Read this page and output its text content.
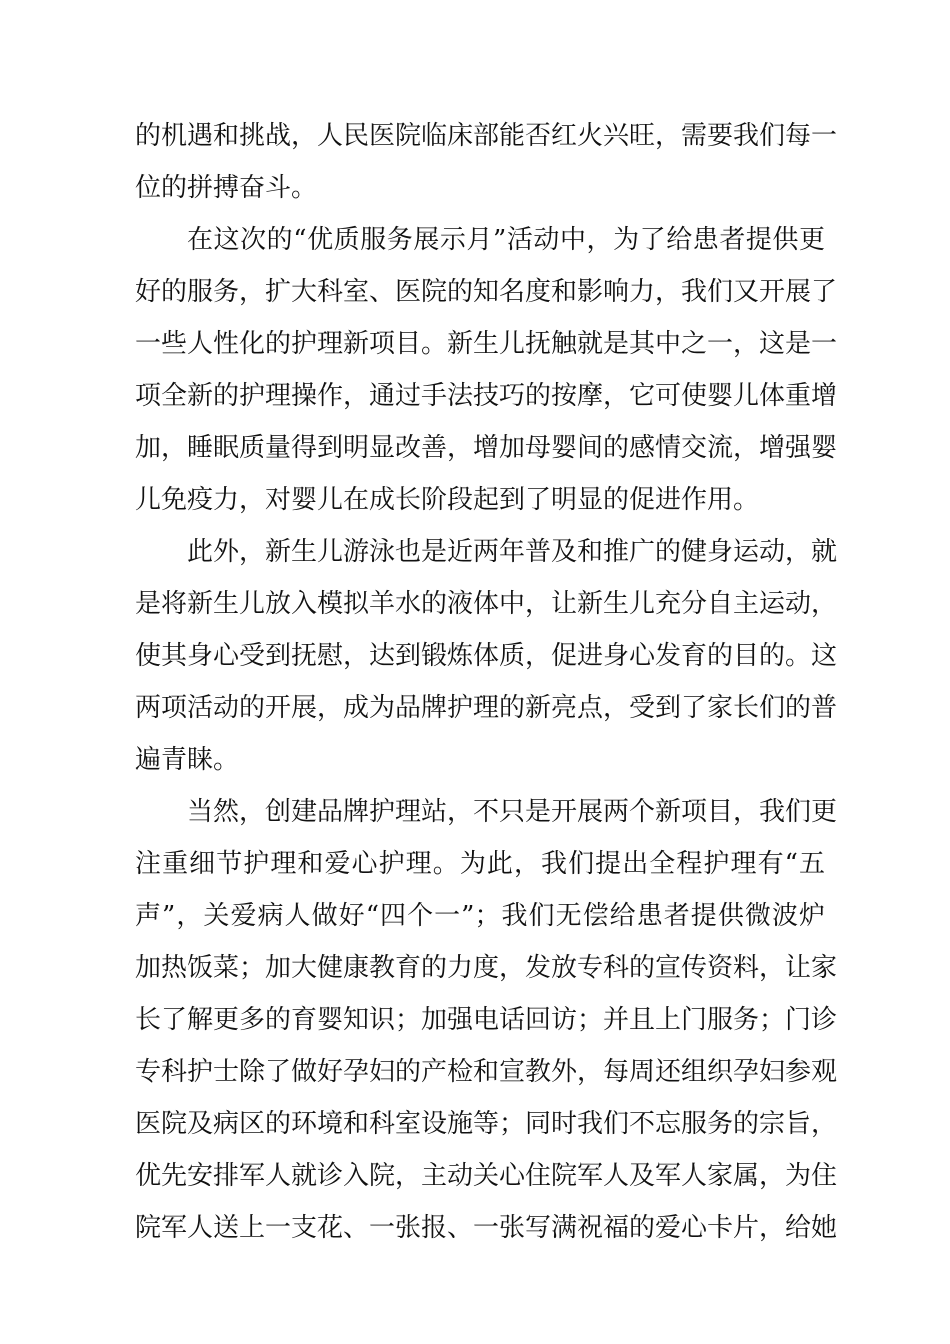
的机遇和挑战，人民医院临床部能否红火兴旺，需要我们每一
位的拼搏奋斗。
在这次的“优质服务展示月”活动中，为了给患者提供更
好的服务，扩大科室、医院的知名度和影响力，我们又开展了
一些人性化的护理新项目。新生儿抚触就是其中之一，这是一
项全新的护理操作，通过手法技巧的按摩，它可使婴儿体重增
加，睡眠质量得到明显改善，增加母婴间的感情交流，增强婴
儿免疫力，对婴儿在成长阶段起到了明显的促进作用。
此外，新生儿游泳也是近两年普及和推广的健身运动，就
是将新生儿放入模拟羊水的液体中，让新生儿充分自主运动，
使其身心受到抚慰，达到锻炼体质，促进身心发育的目的。这
两项活动的开展，成为品牌护理的新亮点，受到了家长们的普
遍青睐。
当然，创建品牌护理站，不只是开展两个新项目，我们更
注重细节护理和爱心护理。为此，我们提出全程护理有“五
声”，关爱病人做好“四个一”；我们无偿给患者提供微波炉
加热饭菜；加大健康教育的力度，发放专科的宣传资料，让家
长了解更多的育婴知识；加强电话回访；并且上门服务；门诊
专科护士除了做好孕妇的产检和宣教外，每周还组织孕妇参观
医院及病区的环境和科室设施等；同时我们不忘服务的宗旨，
优先安排军人就诊入院，主动关心住院军人及军人家属，为住
院军人送上一支花、一张报、一张写满祝福的爱心卡片，给她
